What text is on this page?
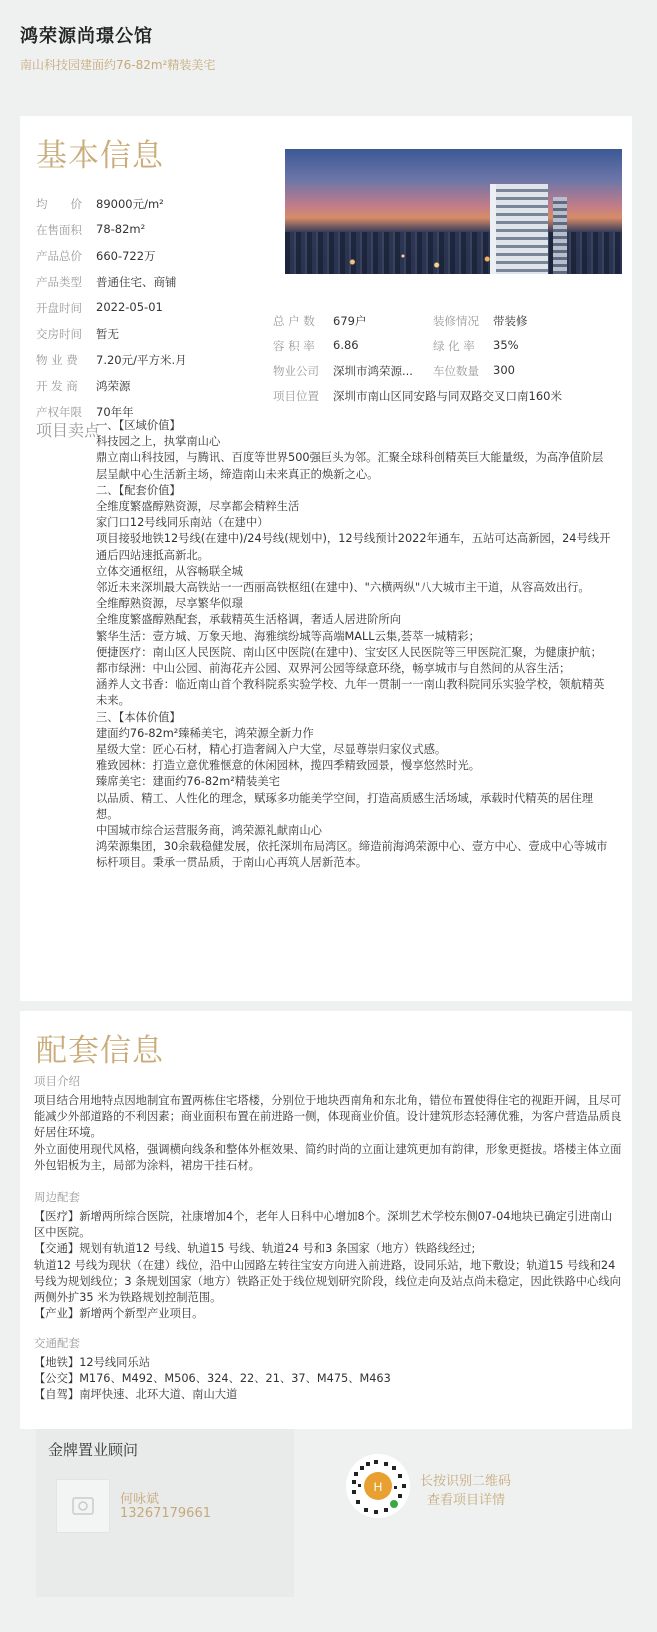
鸿荣源尚璟公馆
南山科技园建面约76-82m²精装美宅
基本信息
均　　价	89000元/m²
在售面积	78-82m²
产品总价	660-722万
产品类型	普通住宅、商铺
开盘时间	2022-05-01
交房时间	暂无
物 业 费	7.20元/平方米.月
开 发 商	鸿荣源
产权年限	70年年
总 户 数	679户	装修情况	带装修
容 积 率	6.86	绿 化 率	35%
物业公司	深圳市鸿荣源...	车位数量	300
项目位置	深圳市南山区同安路与同双路交叉口南160米
项目卖点
一、【区域价值】
科技园之上，执掌南山心
鼎立南山科技园，与腾讯、百度等世界500强巨头为邻。汇聚全球科创精英巨大能量级，为高净值阶层层呈献中心生活新主场，缔造南山未来真正的焕新之心。
二、【配套价值】
全维度繁盛醇熟资源，尽享都会精粹生活
家门口12号线同乐南站（在建中）
项目接驳地铁12号线(在建中)/24号线(规划中)，12号线预计2022年通车，五站可达高新园，24号线开通后四站速抵高新北。
立体交通枢纽，从容畅联全城
邻近未来深圳最大高铁站一一西丽高铁枢纽(在建中)、"六横两纵"八大城市主干道，从容高效出行。
全维醇熟资源，尽享繁华似璟
全维度繁盛醇熟配套，承载精英生活格调，奢适人居进阶所向
繁华生活：壹方城、万象天地、海雅缤纷城等高端MALL云集,荟萃一城精彩；
便捷医疗：南山区人民医院、南山区中医院(在建中)、宝安区人民医院等三甲医院汇聚，为健康护航；
都市绿洲：中山公园、前海花卉公园、双界河公园等绿意环绕，畅享城市与自然间的从容生活；
涵养人文书香：临近南山首个教科院系实验学校、九年一贯制一一南山教科院同乐实验学校，领航精英未来。
三、【本体价值】
建面约76-82m²臻稀美宅，鸿荣源全新力作
星级大堂：匠心石材，精心打造奢阔入户大堂，尽显尊崇归家仪式感。
雅致园林：打造立意优雅惬意的休闲园林，揽四季精致园景，慢享悠然时光。
臻席美宅：建面约76-82m²精装美宅
以品质、精工、人性化的理念，赋琢多功能美学空间，打造高质感生活场域，承载时代精英的居住理想。
中国城市综合运营服务商，鸿荣源礼献南山心
鸿荣源集团，30余载稳健发展，依托深圳布局湾区。缔造前海鸿荣源中心、壹方中心、壹成中心等城市标杆项目。秉承一贯品质，于南山心再筑人居新范本。
配套信息
项目介绍
项目结合用地特点因地制宜布置两栋住宅塔楼，分别位于地块西南角和东北角，错位布置使得住宅的视距开阔，且尽可能减少外部道路的不利因素；商业面积布置在前进路一侧，体现商业价值。设计建筑形态轻薄优雅，为客户营造品质良好居住环境。
外立面使用现代风格，强调横向线条和整体外框效果、简约时尚的立面让建筑更加有韵律，形象更挺拔。塔楼主体立面外包铝板为主，局部为涂料，裙房干挂石材。
周边配套
【医疗】新增两所综合医院，社康增加4个，老年人日科中心增加8个。深圳艺术学校东侧07-04地块已确定引进南山区中医院。
【交通】规划有轨道12 号线、轨道15 号线、轨道24 号和3 条国家（地方）铁路线经过;
轨道12 号线为现状（在建）线位，沿中山园路左转往宝安方向进入前进路，设同乐站，地下敷设；轨道15 号线和24 号线为规划线位；3 条规划国家（地方）铁路正处于线位规划研究阶段，线位走向及站点尚未稳定，因此铁路中心线向两侧外扩35 米为铁路规划控制范围。
【产业】新增两个新型产业项目。
交通配套
【地铁】12号线同乐站
【公交】M176、M492、M506、324、22、21、37、M475、M463
【自驾】南坪快速、北环大道、南山大道
金牌置业顾问
何咏斌
13267179661
H	长按识别二维码
查看项目详情
